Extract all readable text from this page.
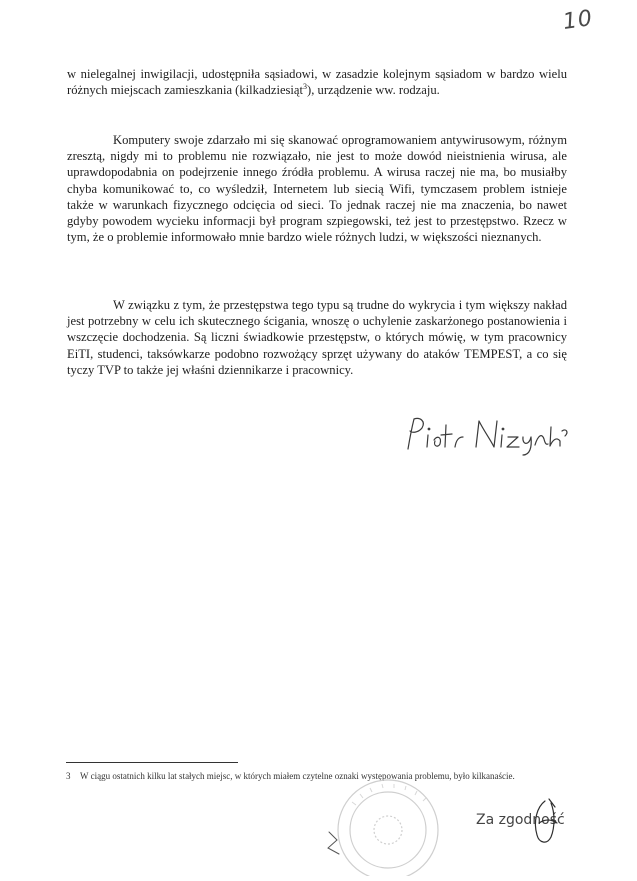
10

w nielegalnej inwigilacji, udostępniła sąsiadowi, w zasadzie kolejnym sąsiadom w bardzo wielu różnych miejscach zamieszkania (kilkadziesiąt$^3$), urządzenie ww. rodzaju.

Komputery swoje zdarzało mi się skanować oprogramowaniem antywirusowym, różnym zresztą, nigdy mi to problemu nie rozwiązało, nie jest to może dowód nieistnienia wirusa, ale uprawdopodabnia on podejrzenie innego źródła problemu. A wirusa raczej nie ma, bo musiałby chyba komunikować to, co wyśledził, Internetem lub siecią Wifi, tymczasem problem istnieje także w warunkach fizycznego odcięcia od sieci. To jednak raczej nie ma znaczenia, bo nawet gdyby powodem wycieku informacji był program szpiegowski, też jest to przestępstwo. Rzecz w tym, że o problemie informowało mnie bardzo wiele różnych ludzi, w większości nieznanych.

W związku z tym, że przestępstwa tego typu są trudne do wykrycia i tym większy nakład jest potrzebny w celu ich skutecznego ścigania, wnoszę o uchylenie zaskarżonego postanowienia i wszczęcie dochodzenia. Są liczni świadkowie przestępstw, o których mówię, w tym pracownicy EiTI, studenci, taksówkarze podobno rozwożący sprzęt używany do ataków TEMPEST, a co się tyczy TVP to także jej właśni dziennikarze i pracownicy.

3 W ciągu ostatnich kilku lat stałych miejsc, w których miałem czytelne oznaki występowania problemu, było kilkanaście.
Za zgodność
